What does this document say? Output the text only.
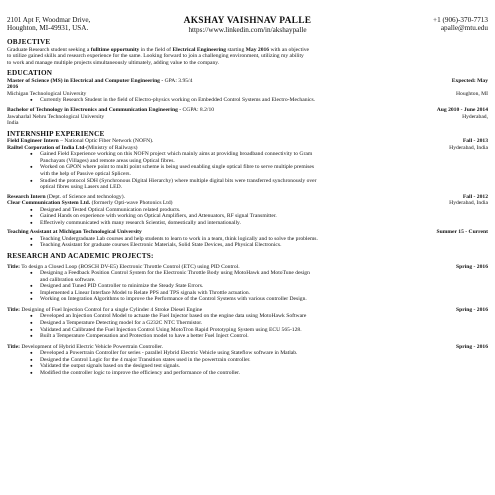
2101 Apt F, Woodmar Drive,
Houghton, MI-49931, USA.
AKSHAY VAISHNAV PALLE
https://www.linkedin.com/in/akshaypalle
+1 (906)-370-7713
apalle@mtu.edu
OBJECTIVE

Graduate Research student seeking a fulltime opportunity in the field of Electrical Engineering starting May 2016 with an objective

to utilize gained skills and research experience for the same. Looking forward to join a challenging environment, utilizing my ability

to work and manage multiple projects simultaneously ultimately, adding value to the company.

EDUCATION
Master of Science (MS) in Electrical and Computer Engineering - GPA: 3.95/4	Expected: May
2016
Michigan Technological University	Houghton, MI
● Currently Research Student in the field of Electro-physics working on Embedded Control Systems and Electro-Mechanics.
Bachelor of Technology in Electronics and Communication Engineering - CGPA: 8.2/10	Aug 2010 - June 2014
Jawaharlal Nehru Technological University	Hyderabad,

India

INTERNSHIP EXPERIENCE
Field Engineer Intern – National Optic Fiber Network (NOFN).	Fall - 2013
Railtel Corporation of India Ltd-(Ministry of Railways)	Hyderabad, India
● Gained Field Experience working on this NOFN project which mainly aims at providing broadband connectivity to Gram
Panchayats (Villages) and remote areas using Optical fibres.
● Worked on GPON where point to multi point scheme is being used enabling single optical fibre to serve multiple premises
with the help of Passive optical Splicers.
● Studied the protocol SDH (Synchronous Digital Hierarchy) where multiple digital bits were transferred synchronously over
optical fibres using Lasers and LED.
Research Intern (Dept. of Science and technology).	Fall - 2012
Clear Communication System Ltd. (formerly Opti-wave Photonics Ltd)	Hyderabad, India
● Designed and Tested Optical Communication related products.
● Gained Hands on experience with working on Optical Amplifiers, and Attenuators, RF signal Transmitter.
● Effectively communicated with many research Scientist, domestically and internationally.
Teaching Assistant at Michigan Technological University	Summer 15 - Current
● Teaching Undergraduate Lab courses and help students to learn to work in a team, think logically and to solve the problems.
● Teaching Assistant for graduate courses Electronic Materials, Solid State Devices, and Physical Electronics.
RESEARCH AND ACADEMIC PROJECTS:
Title: To design a Closed Loop (BOSCH DV-E5) Electronic Throttle Control (ETC) using PID Control.	Spring - 2016
● Designing a Feedback Position Control System for the Electronic Throttle Body using MotoHawk and MotoTune design
and calibration software.
● Designed and Tuned PID Controller to minimize the Steady State Errors.
● Implemented a Linear Interface Model to Relate PPS and TPS signals with Throttle actuation.
● Working on Integration Algorithms to improve the Performance of the Control Systems with various controller Design.
Title: Designing of Fuel Injection Control for a single Cylinder 4 Stroke Diesel Engine	Spring - 2016
● Developed an Injection Control Model to actuate the Fuel Injector based on the engine data using MotoHawk Software
● Designed a Temperature Detecting model for a G232C NTC Thermistor.
● Validated and Calibrated the Fuel Injection Control Using MotoTron Rapid Prototyping System using ECU 565-128.
● Built a Temperature Compensation and Protection model to have a better Fuel Inject Control.
Title: Development of Hybrid Electric Vehicle Powertrain Controller.	Spring - 2016
● Developed a Powertrain Controller for series - parallel Hybrid Electric Vehicle using Stateflow software in Matlab.
● Designed the Control Logic for the 4 major Transition states used in the powertrain controller.
● Validated the output signals based on the designed test signals.
● Modified the controller logic to improve the efficiency and performance of the controller.
